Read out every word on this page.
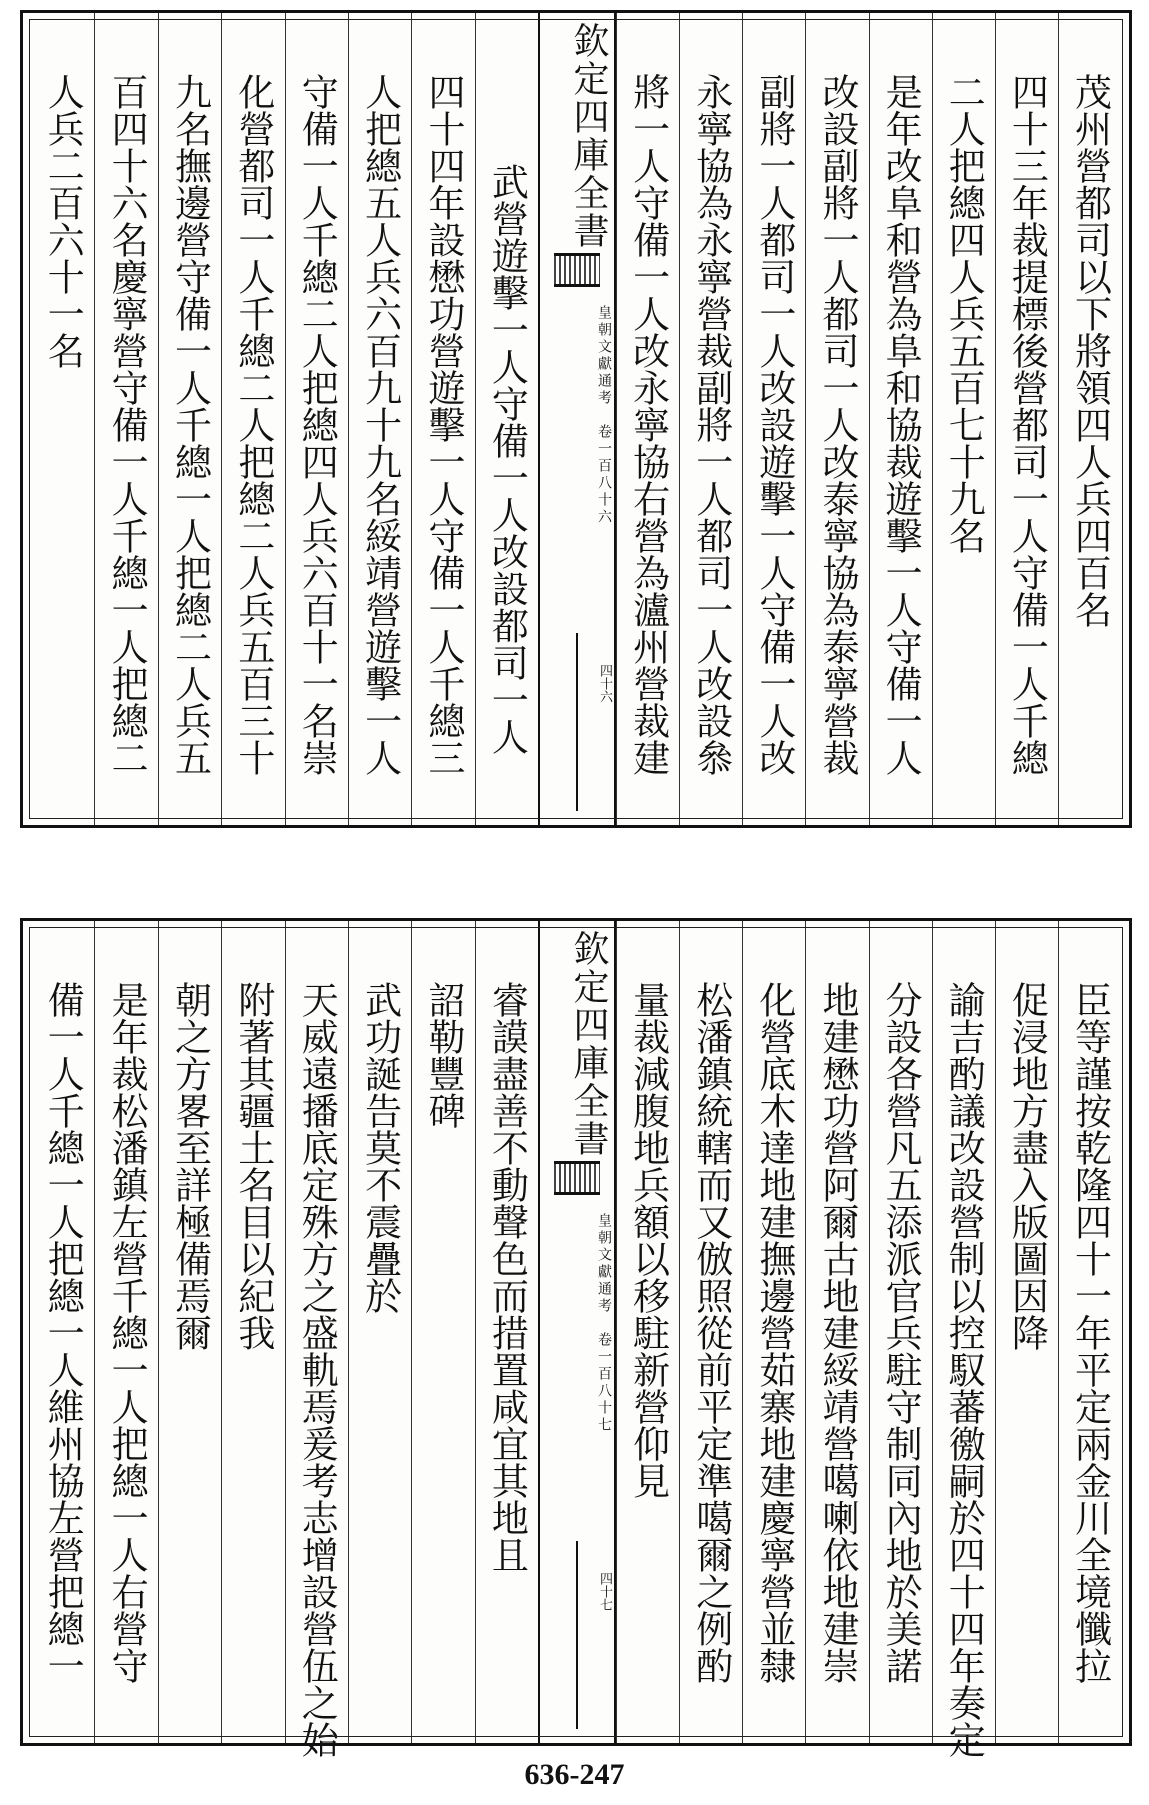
欽定四庫全書
皇朝文獻通考　卷一百八十六
四十六
茂州營都司以下將領四人兵四百名
四十三年裁提標後營都司一人守備一人千總
二人把總四人兵五百七十九名
是年改阜和營為阜和協裁遊擊一人守備一人
改設副將一人都司一人改泰寧協為泰寧營裁
副將一人都司一人改設遊擊一人守備一人改
永寧協為永寧營裁副將一人都司一人改設叅
將一人守備一人改永寧協右營為瀘州營裁建
武營遊擊一人守備一人改設都司一人
四十四年設懋功營遊擊一人守備一人千總三
人把總五人兵六百九十九名綏靖營遊擊一人
守備一人千總二人把總四人兵六百十一名崇
化營都司一人千總二人把總二人兵五百三十
九名撫邊營守備一人千總一人把總二人兵五
百四十六名慶寧營守備一人千總一人把總二
人兵二百六十一名
欽定四庫全書
皇朝文獻通考　卷一百八十七
四十七	臣等謹按乾隆四十一年平定兩金川全境懺拉
促浸地方盡入版圖因降
諭吉酌議改設營制以控馭蕃徼嗣於四十四年奏定
分設各營凡五添派官兵駐守制同內地於美諾
地建懋功營阿爾古地建綏靖營噶喇依地建崇
化營底木達地建撫邊營茹寨地建慶寧營並隸
松潘鎮統轄而又倣照從前平定準噶爾之例酌
量裁減腹地兵額以移駐新營仰見
睿謨盡善不動聲色而措置咸宜其地且
詔勒豐碑
武功誕告莫不震疊於
天威遠播底定殊方之盛軌焉爰考志增設營伍之始
附著其疆土名目以紀我
朝之方畧至詳極備焉爾
是年裁松潘鎮左營千總一人把總一人右營守
備一人千總一人把總一人維州協左營把總一
636-247
